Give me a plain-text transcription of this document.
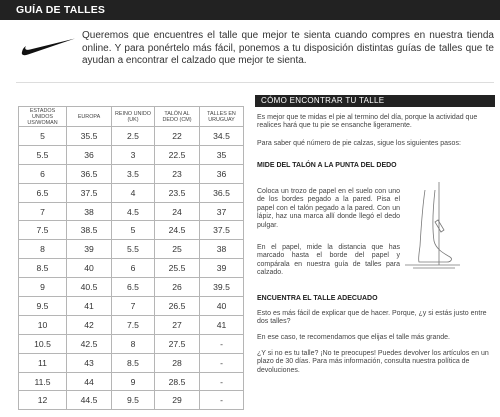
GUÍA DE TALLES

Queremos que encuentres el talle que mejor te sienta cuando compres en nuestra tienda online. Y para ponértelo más fácil, ponemos a tu disposición distintas guías de talles que te ayudan a encontrar el calzado que mejor te sienta.

ESTADOS UNIDOS US/WOMAN	EUROPA	REINO UNIDO (UK)	TALÓN AL DEDO (CM)	TALLES EN URUGUAY
5	35.5	2.5	22	34.5
5.5	36	3	22.5	35
6	36.5	3.5	23	36
6.5	37.5	4	23.5	36.5
7	38	4.5	24	37
7.5	38.5	5	24.5	37.5
8	39	5.5	25	38
8.5	40	6	25.5	39
9	40.5	6.5	26	39.5
9.5	41	7	26.5	40
10	42	7.5	27	41
10.5	42.5	8	27.5	-
11	43	8.5	28	-
11.5	44	9	28.5	-
12	44.5	9.5	29	-
CÓMO ENCONTRAR TU TALLE

Es mejor que te midas el pie al termino del día, porque la actividad que realices hará que tu pie se ensanche ligeramente.

Para saber qué número de pie calzas, sigue los siguientes pasos:

MIDE DEL TALÓN A LA PUNTA DEL DEDO

Coloca un trozo de papel en el suelo con uno de los bordes pegado a la pared. Pisa el papel con el talón pegado a la pared. Con un lápiz, haz una marca allí donde llegó el dedo pulgar.

En el papel, mide la distancia que has marcado hasta el borde del papel y compárala en nuestra guía de talles para calzado.

ENCUENTRA EL TALLE ADECUADO

Esto es más fácil de explicar que de hacer. Porque, ¿y si estás justo entre dos talles?

En ese caso, te recomendamos que elijas el talle más grande.

¿Y si no es tu talle? ¡No te preocupes! Puedes devolver los artículos en un plazo de 30 días. Para más información, consulta nuestra política de devoluciones.
